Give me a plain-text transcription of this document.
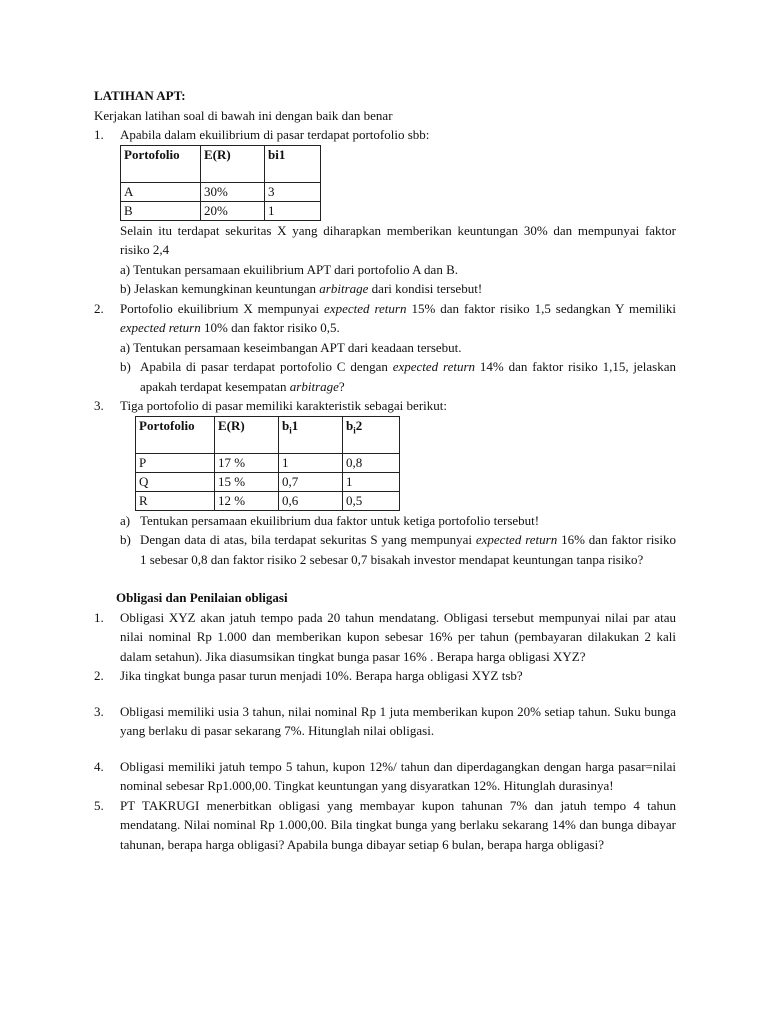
LATIHAN APT:

Kerjakan latihan soal di bawah ini dengan baik dan benar

1. Apabila dalam ekuilibrium di pasar terdapat portofolio sbb:
Portofolio	E(R)	bi1
A	30%	3
B	20%	1
Selain itu terdapat sekuritas X yang diharapkan memberikan keuntungan 30% dan mempunyai faktor risiko 2,4
a) Tentukan persamaan ekuilibrium APT dari portofolio A dan B.
b) Jelaskan kemungkinan keuntungan arbitrage dari kondisi tersebut!
2. Portofolio ekuilibrium X mempunyai expected return 15% dan faktor risiko 1,5 sedangkan Y memiliki expected return 10% dan faktor risiko 0,5.
a) Tentukan persamaan keseimbangan APT dari keadaan tersebut.
b) Apabila di pasar terdapat portofolio C dengan expected return 14% dan faktor risiko 1,15, jelaskan apakah terdapat kesempatan arbitrage?
3. Tiga portofolio di pasar memiliki karakteristik sebagai berikut:
Portofolio	E(R)	$b_i1$	$b_i2$
P	17 %	1	0,8
Q	15 %	0,7	1
R	12 %	0,6	0,5
a) Tentukan persamaan ekuilibrium dua faktor untuk ketiga portofolio tersebut!
b) Dengan data di atas, bila terdapat sekuritas S yang mempunyai expected return 16% dan faktor risiko 1 sebesar 0,8 dan faktor risiko 2 sebesar 0,7 bisakah investor mendapat keuntungan tanpa risiko?

Obligasi dan Penilaian obligasi

1. Obligasi XYZ akan jatuh tempo pada 20 tahun mendatang. Obligasi tersebut mempunyai nilai par atau nilai nominal Rp 1.000 dan memberikan kupon sebesar 16% per tahun (pembayaran dilakukan 2 kali dalam setahun). Jika diasumsikan tingkat bunga pasar 16% . Berapa harga obligasi XYZ?
2. Jika tingkat bunga pasar turun menjadi 10%. Berapa harga obligasi XYZ tsb?
3. Obligasi memiliki usia 3 tahun, nilai nominal Rp 1 juta memberikan kupon 20% setiap tahun. Suku bunga yang berlaku di pasar sekarang 7%. Hitunglah nilai obligasi.
4. Obligasi memiliki jatuh tempo 5 tahun, kupon 12%/ tahun dan diperdagangkan dengan harga pasar=nilai nominal sebesar Rp1.000,00. Tingkat keuntungan yang disyaratkan 12%. Hitunglah durasinya!
5. PT TAKRUGI menerbitkan obligasi yang membayar kupon tahunan 7% dan jatuh tempo 4 tahun mendatang. Nilai nominal Rp 1.000,00. Bila tingkat bunga yang berlaku sekarang 14% dan bunga dibayar tahunan, berapa harga obligasi? Apabila bunga dibayar setiap 6 bulan, berapa harga obligasi?
